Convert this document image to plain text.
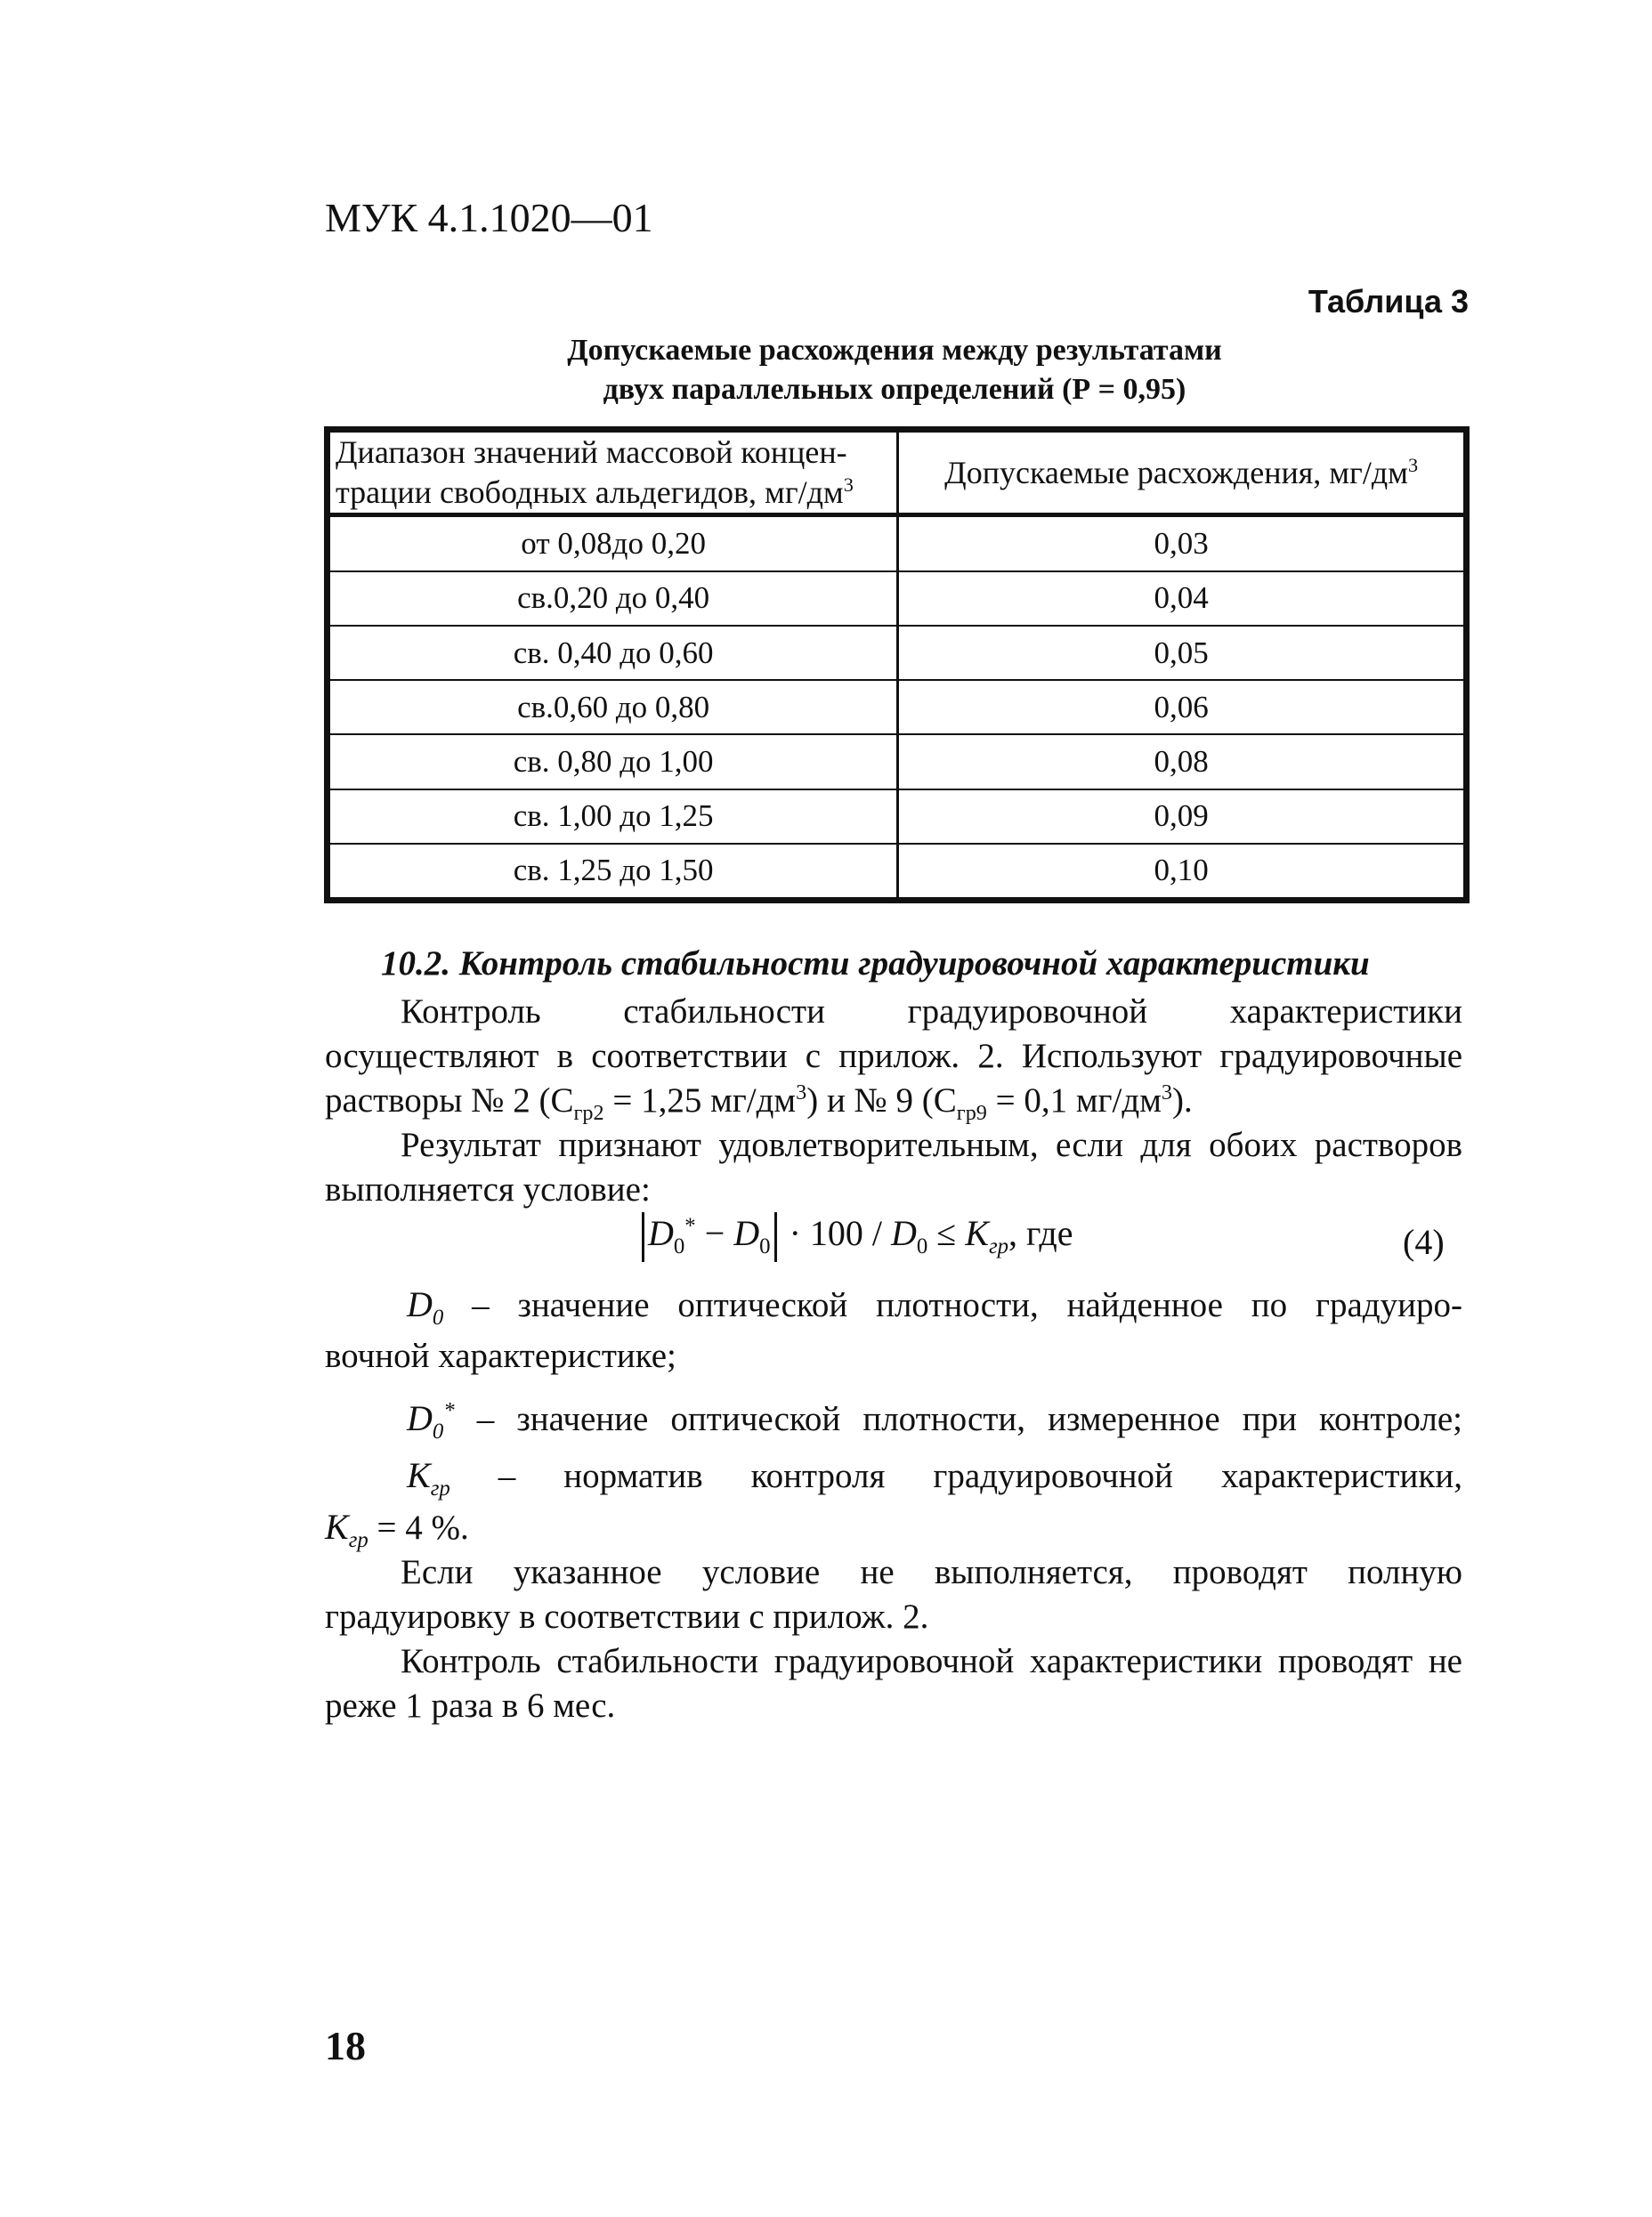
МУК 4.1.1020—01
Таблица 3
Допускаемые расхождения между результатами
двух параллельных определений (Р = 0,95)
Диапазон значений массовой концен-
трации свободных альдегидов, $мг/дм^3$	Допускаемые расхождения, $мг/дм^3$
от 0,08до 0,20	0,03
св.0,20 до 0,40	0,04
св. 0,40 до 0,60	0,05
св.0,60 до 0,80	0,06
св. 0,80 до 1,00	0,08
св. 1,00 до 1,25	0,09
св. 1,25 до 1,50	0,10
10.2. Контроль стабильности градуировочной характеристики

Контроль стабильности градуировочной характеристики осуществляют в соответствии с прилож. 2. Используют градуировочные растворы № 2 ($С_{гр2} = 1,25$ $мг/дм^3$) и № 9 ($С_{гр9} = 0,1$ $мг/дм^3$).

Результат признают удовлетворительным, если для обоих растворов выполняется условие:

$D_0^* - D_0 \cdot 100 / D_0 \le K_{гр}$, где	(4)
$D_0$ – значение оптической плотности, найденное по градуиро-
вочной характеристике;
$D_0^*$ – значение оптической плотности, измеренное при контроле;
$K_{гр}$ – норматив контроля градуировочной характеристики,
$K_{гр} = 4$ %.

Если указанное условие не выполняется, проводят полную градуировку в соответствии с прилож. 2.

Контроль стабильности градуировочной характеристики проводят не реже 1 раза в 6 мес.

18
